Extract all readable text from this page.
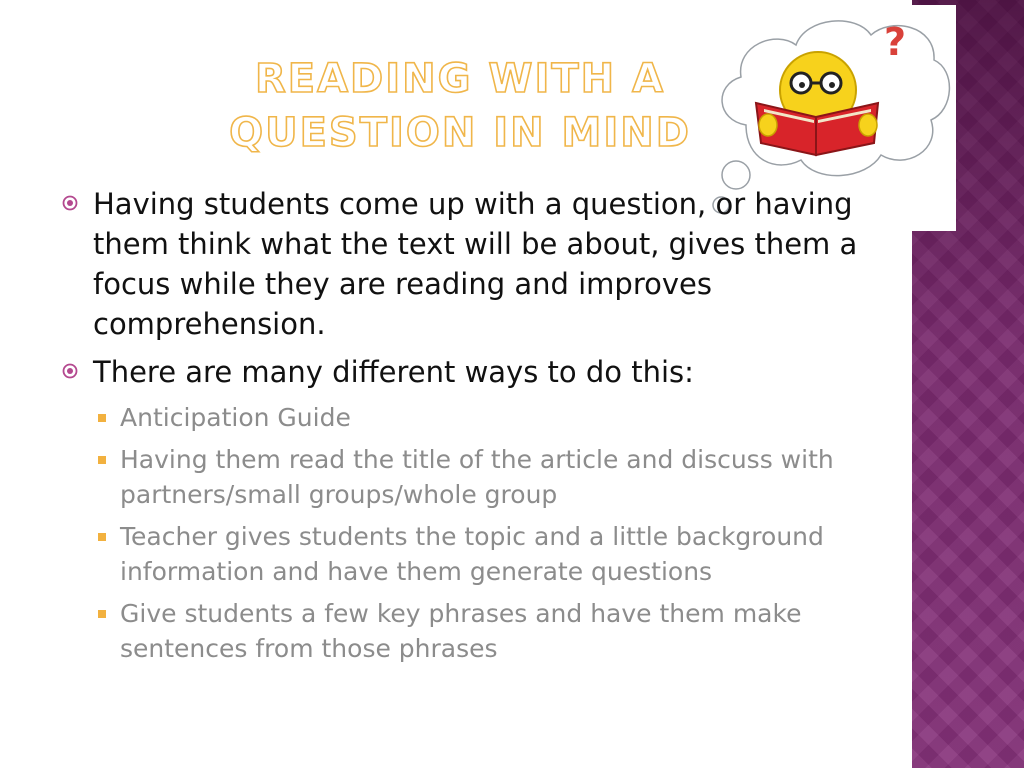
?
READING WITH A
QUESTION IN MIND
Having students come up with a question, or having them think what the text will be about, gives them a focus while they are reading and improves comprehension.
There are many different ways to do this:
Anticipation Guide
Having them read the title of the article and discuss with partners/small groups/whole group
Teacher gives students the topic and a little background information and have them generate questions
Give students a few key phrases and have them make sentences from those phrases
